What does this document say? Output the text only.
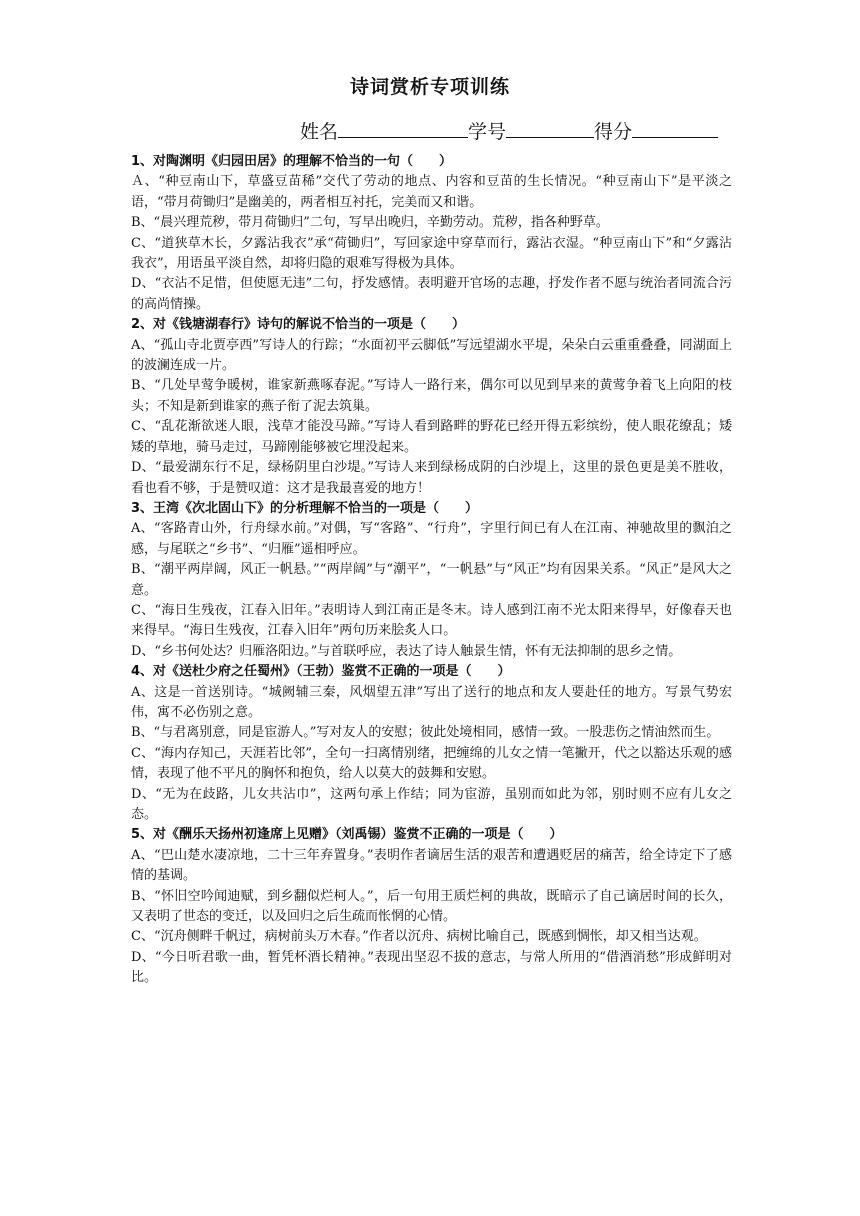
诗词赏析专项训练
姓名	学号	得分

1、对陶渊明《归园田居》的理解不恰当的一句（　　）

Ａ、“种豆南山下，草盛豆苗稀”交代了劳动的地点、内容和豆苗的生长情况。“种豆南山下”是平淡之语，“带月荷锄归”是幽美的，两者相互衬托，完美而又和谐。

B、“晨兴理荒秽，带月荷锄归”二句，写早出晚归，辛勤劳动。荒秽，指各种野草。

C、“道狭草木长，夕露沾我衣”承“荷锄归”，写回家途中穿草而行，露沾衣湿。“种豆南山下”和“夕露沾我衣”，用语虽平淡自然，却将归隐的艰难写得极为具体。

D、“衣沾不足惜，但使愿无违”二句，抒发感情。表明避开官场的志趣，抒发作者不愿与统治者同流合污的高尚情操。

2、对《钱塘湖春行》诗句的解说不恰当的一项是（　　）

A、“孤山寺北贾亭西”写诗人的行踪；“水面初平云脚低”写远望湖水平堤，朵朵白云重重叠叠，同湖面上的波澜连成一片。

B、“几处早莺争暖树，谁家新燕啄春泥。”写诗人一路行来，偶尔可以见到早来的黄莺争着飞上向阳的枝头；不知是新到谁家的燕子衔了泥去筑巢。

C、“乱花渐欲迷人眼，浅草才能没马蹄。”写诗人看到路畔的野花已经开得五彩缤纷，使人眼花缭乱；矮矮的草地，骑马走过，马蹄刚能够被它埋没起来。

D、“最爱湖东行不足，绿杨阴里白沙堤。”写诗人来到绿杨成阴的白沙堤上，这里的景色更是美不胜收，看也看不够，于是赞叹道：这才是我最喜爱的地方！

3、王湾《次北固山下》的分析理解不恰当的一项是（　　）

A、“客路青山外，行舟绿水前。”对偶，写“客路”、“行舟”，字里行间已有人在江南、神驰故里的飘泊之感，与尾联之“乡书”、“归雁”遥相呼应。

B、“潮平两岸阔，风正一帆悬。”“两岸阔”与“潮平”，“一帆悬”与“风正”均有因果关系。“风正”是风大之意。

C、“海日生残夜，江春入旧年。”表明诗人到江南正是冬末。诗人感到江南不光太阳来得早，好像春天也来得早。“海日生残夜，江春入旧年”两句历来脍炙人口。

D、“乡书何处达？归雁洛阳边。”与首联呼应，表达了诗人触景生情，怀有无法抑制的思乡之情。

4、对《送杜少府之任蜀州》（王勃）鉴赏不正确的一项是（　　）

A、这是一首送别诗。“城阙辅三秦，风烟望五津”写出了送行的地点和友人要赴任的地方。写景气势宏伟，寓不必伤别之意。

B、“与君离别意，同是宦游人。”写对友人的安慰；彼此处境相同，感情一致。一股悲伤之情油然而生。

C、“海内存知己，天涯若比邻”，全句一扫离情别绪，把缠绵的儿女之情一笔撇开，代之以豁达乐观的感情，表现了他不平凡的胸怀和抱负，给人以莫大的鼓舞和安慰。

D、“无为在歧路，儿女共沾巾”，这两句承上作结；同为宦游，虽别而如此为邻，别时则不应有儿女之态。

5、对《酬乐天扬州初逢席上见赠》（刘禹锡）鉴赏不正确的一项是（　　）

A、“巴山楚水凄凉地，二十三年弃置身。”表明作者谪居生活的艰苦和遭遇贬居的痛苦，给全诗定下了感情的基调。

B、“怀旧空吟闻迪赋，到乡翻似烂柯人。”，后一句用王质烂柯的典故，既暗示了自己谪居时间的长久，又表明了世态的变迁，以及回归之后生疏而怅惘的心情。

C、“沉舟侧畔千帆过，病树前头万木春。”作者以沉舟、病树比喻自己，既感到惆怅，却又相当达观。

D、“今日听君歌一曲，暂凭杯酒长精神。”表现出坚忍不拔的意志，与常人所用的“借酒消愁”形成鲜明对比。
